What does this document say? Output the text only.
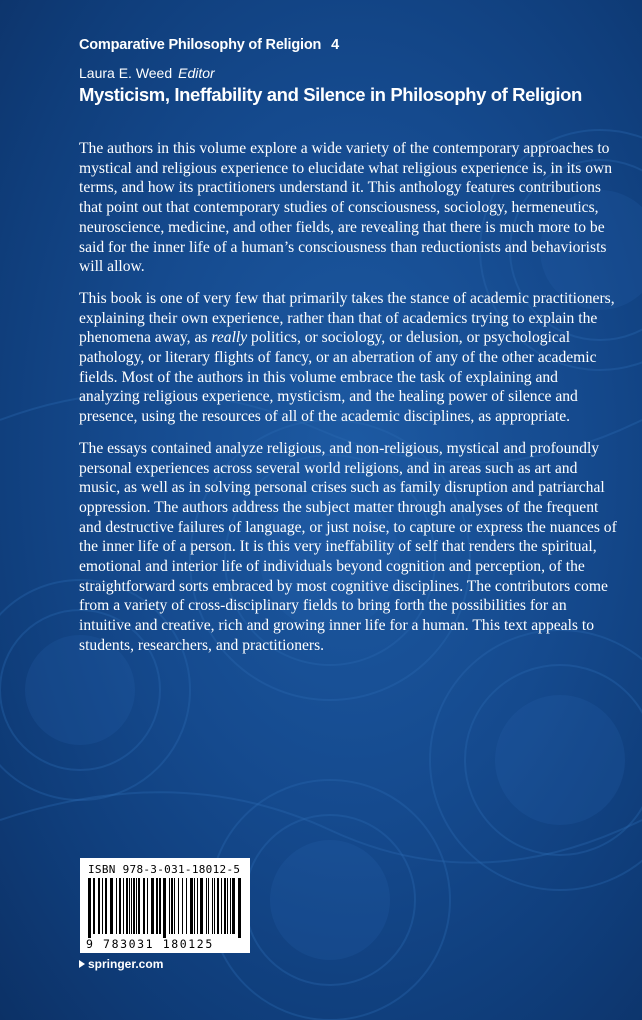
Comparative Philosophy of Religion 4
Laura E. Weed Editor
Mysticism, Ineffability and Silence in Philosophy of Religion

The authors in this volume explore a wide variety of the contemporary approaches to mystical and religious experience to elucidate what religious experience is, in its own terms, and how its practitioners understand it. This anthology features contributions that point out that contemporary studies of consciousness, sociology, hermeneutics, neuroscience, medicine, and other fields, are revealing that there is much more to be said for the inner life of a human’s consciousness than reductionists and behaviorists will allow.

This book is one of very few that primarily takes the stance of academic practitioners, explaining their own experience, rather than that of academics trying to explain the phenomena away, as really politics, or sociology, or delusion, or psychological pathology, or literary flights of fancy, or an aberration of any of the other academic fields. Most of the authors in this volume embrace the task of explaining and analyzing religious experience, mysticism, and the healing power of silence and presence, using the resources of all of the academic disciplines, as appropriate.

The essays contained analyze religious, and non-religious, mystical and profoundly personal experiences across several world religions, and in areas such as art and music, as well as in solving personal crises such as family disruption and patriarchal oppression. The authors address the subject matter through analyses of the frequent and destructive failures of language, or just noise, to capture or express the nuances of the inner life of a person. It is this very ineffability of self that renders the spiritual, emotional and interior life of individuals beyond cognition and perception, of the straightforward sorts embraced by most cognitive disciplines. The contributors come from a variety of cross-disciplinary fields to bring forth the possibilities for an intuitive and creative, rich and growing inner life for a human. This text appeals to students, researchers, and practitioners.

ISBN 978-3-031-18012-5
9 783031 180125
springer.com
